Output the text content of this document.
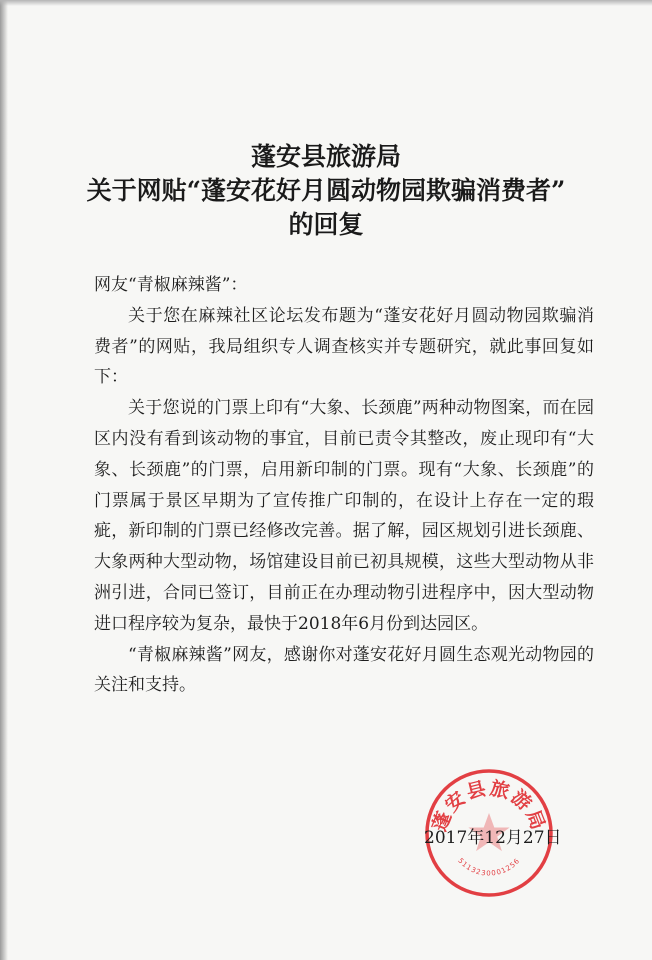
蓬安县旅游局
关于网贴“蓬安花好月圆动物园欺骗消费者”
的回复

网友“青椒麻辣酱”：

关于您在麻辣社区论坛发布题为“蓬安花好月圆动物园欺骗消费者”的网贴，我局组织专人调查核实并专题研究，就此事回复如下：

关于您说的门票上印有“大象、长颈鹿”两种动物图案，而在园区内没有看到该动物的事宜，目前已责令其整改，废止现印有“大象、长颈鹿”的门票，启用新印制的门票。现有“大象、长颈鹿”的门票属于景区早期为了宣传推广印制的，在设计上存在一定的瑕疵，新印制的门票已经修改完善。据了解，园区规划引进长颈鹿、大象两种大型动物，场馆建设目前已初具规模，这些大型动物从非洲引进，合同已签订，目前正在办理动物引进程序中，因大型动物进口程序较为复杂，最快于2018年6月份到达园区。

“青椒麻辣酱”网友，感谢你对蓬安花好月圆生态观光动物园的关注和支持。

蓬安县旅游局
5113230001256
2017年12月27日
